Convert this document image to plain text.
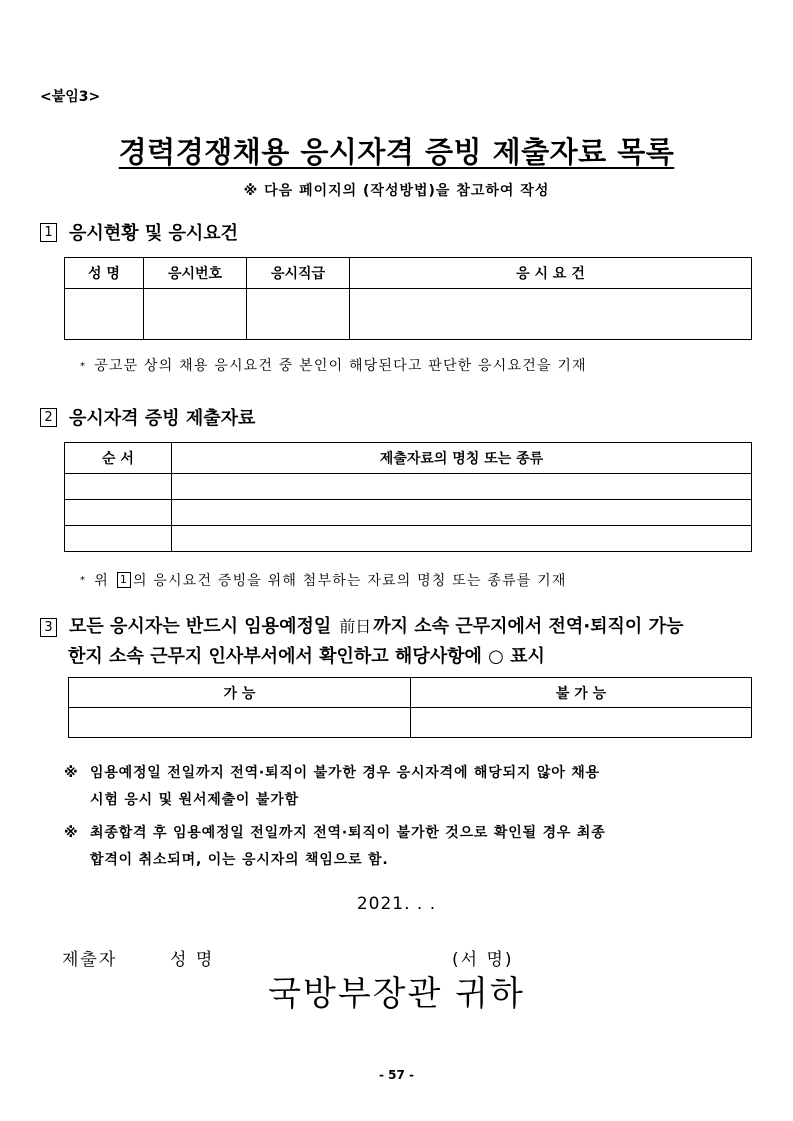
<붙임3>
경력경쟁채용 응시자격 증빙 제출자료 목록
※ 다음 페이지의 (작성방법)을 참고하여 작성
1 응시현황 및 응시요건
성 명	응시번호	응시직급	응 시 요 건

* 공고문 상의 채용 응시요건 중 본인이 해당된다고 판단한 응시요건을 기재
2 응시자격 증빙 제출자료
순 서	제출자료의 명칭 또는 종류

* 위 1 의 응시요건 증빙을 위해 첨부하는 자료의 명칭 또는 종류를 기재
3 모든 응시자는 반드시 임용예정일 前日 까지 소속 근무지에서 전역·퇴직이 가능
한지 소속 근무지 인사부서에서 확인하고 해당사항에 ○ 표시
가 능	불 가 능

※ 임용예정일 전일까지 전역·퇴직이 불가한 경우 응시자격에 해당되지 않아 채용
시험 응시 및 원서제출이 불가함
※ 최종합격 후 임용예정일 전일까지 전역·퇴직이 불가한 것으로 확인될 경우 최종
합격이 취소되며, 이는 응시자의 책임으로 함.
2021. . .
제출자	성 명	(서 명)
국방부장관 귀하
- 57 -
